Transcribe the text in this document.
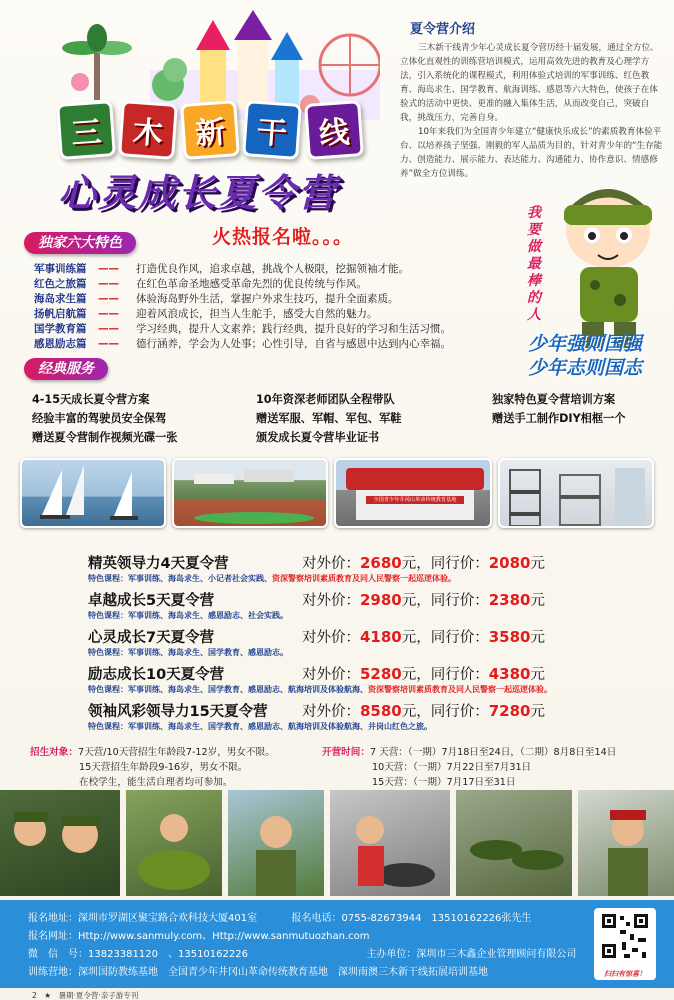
三 木	新 干	线
心灵成长夏令营
夏令营介绍

三木新干线青少年心灵成长夏令营历经十届发展，通过全方位、立体化直观性的训练营培训模式，运用高效先进的教育及心理学方法，引入系统化的课程模式，利用体验式培训的军事训练、红色教育、海岛求生、国学教育、航海训练、感恩等六大特色，使孩子在体验式的活动中更快、更准的融入集体生活，从而改变自己，突破自我，挑战压力，完善自身。

10年来我们为全国青少年建立“健康快乐成长”的素质教育体验平台、以培养孩子坚强、刚毅的军人品质为目的，针对青少年的“生存能力、创造能力、展示能力、表达能力、沟通能力、协作意识、情感修养”做全方位训练。

独家六大特色	火热报名啦。。。
军事训练篇	——	打造优良作风，追求卓越，挑战个人极限，挖掘领袖才能。
红色之旅篇	——	在红色革命圣地感受革命先烈的优良传统与作风。
海岛求生篇	——	体验海岛野外生活，掌握户外求生技巧，提升全面素质。
扬帆启航篇	——	迎着风浪成长，担当人生舵手，感受大自然的魅力。
国学教育篇	——	学习经典，提升人文素养；践行经典，提升良好的学习和生活习惯。
感恩励志篇	——	德行涵养，学会为人处事；心性引导，自省与感恩中达到内心幸福。
我
要
做
最
棒
的
人
少年强则国强
少年志则国志
经典服务
4-15天成长夏令营方案
经验丰富的驾驶员安全保驾
赠送夏令营制作视频光碟一张
10年资深老师团队全程带队
赠送军服、军帽、军包、军鞋
颁发成长夏令营毕业证书
独家特色夏令营培训方案
赠送手工制作DIY相框一个
全国青少年井冈山革命传统教育基地
精英领导力4天夏令营	对外价：2680元，同行价：2080元
特色课程：军事训练、海岛求生、小记者社会实践、资深警察培训素质教育及同人民警察一起巡逻体验。
卓越成长5天夏令营	对外价：2980元，同行价：2380元
特色课程：军事训练、海岛求生、感恩励志、社会实践。
心灵成长7天夏令营	对外价：4180元，同行价：3580元
特色课程：军事训练、海岛求生、国学教育、感恩励志。
励志成长10天夏令营	对外价：5280元，同行价：4380元
特色课程：军事训练、海岛求生、国学教育、感恩励志、航海培训及体验航海、资深警察培训素质教育及同人民警察一起巡逻体验。
领袖风彩领导力15天夏令营 对外价：8580元，同行价：7280元
特色课程：军事训练、海岛求生、国学教育、感恩励志、航海培训及体验航海、井岗山红色之旅。
招生对象：7天营/10天营招生年龄段7-12岁，男女不限。
15天营招生年龄段9-16岁，男女不限。
在校学生，能生活自理者均可参加。
开营时间：7 天营：（一期）7月18日至24日，（二期）8月8日至14日
10天营：（一期）7月22日至7月31日
15天营：（一期）7月17日至31日
报名地址：深圳市罗湖区聚宝路合欢科技大厦401室	报名电话：0755-82673944　13510162226张先生
报名网址：Http://www.sanmuly.com、Http://www.sanmutuozhan.com
微　信　号：13823381120　、13510162226	主办单位：深圳市三木鑫企业管理顾问有限公司
训练营地：深圳国防教练基地　全国青少年井冈山革命传统教育基地　深圳南澳三木新干线拓展培训基地	扫扫有惊喜！
2　★　暑期·夏令营·亲子游专刊
